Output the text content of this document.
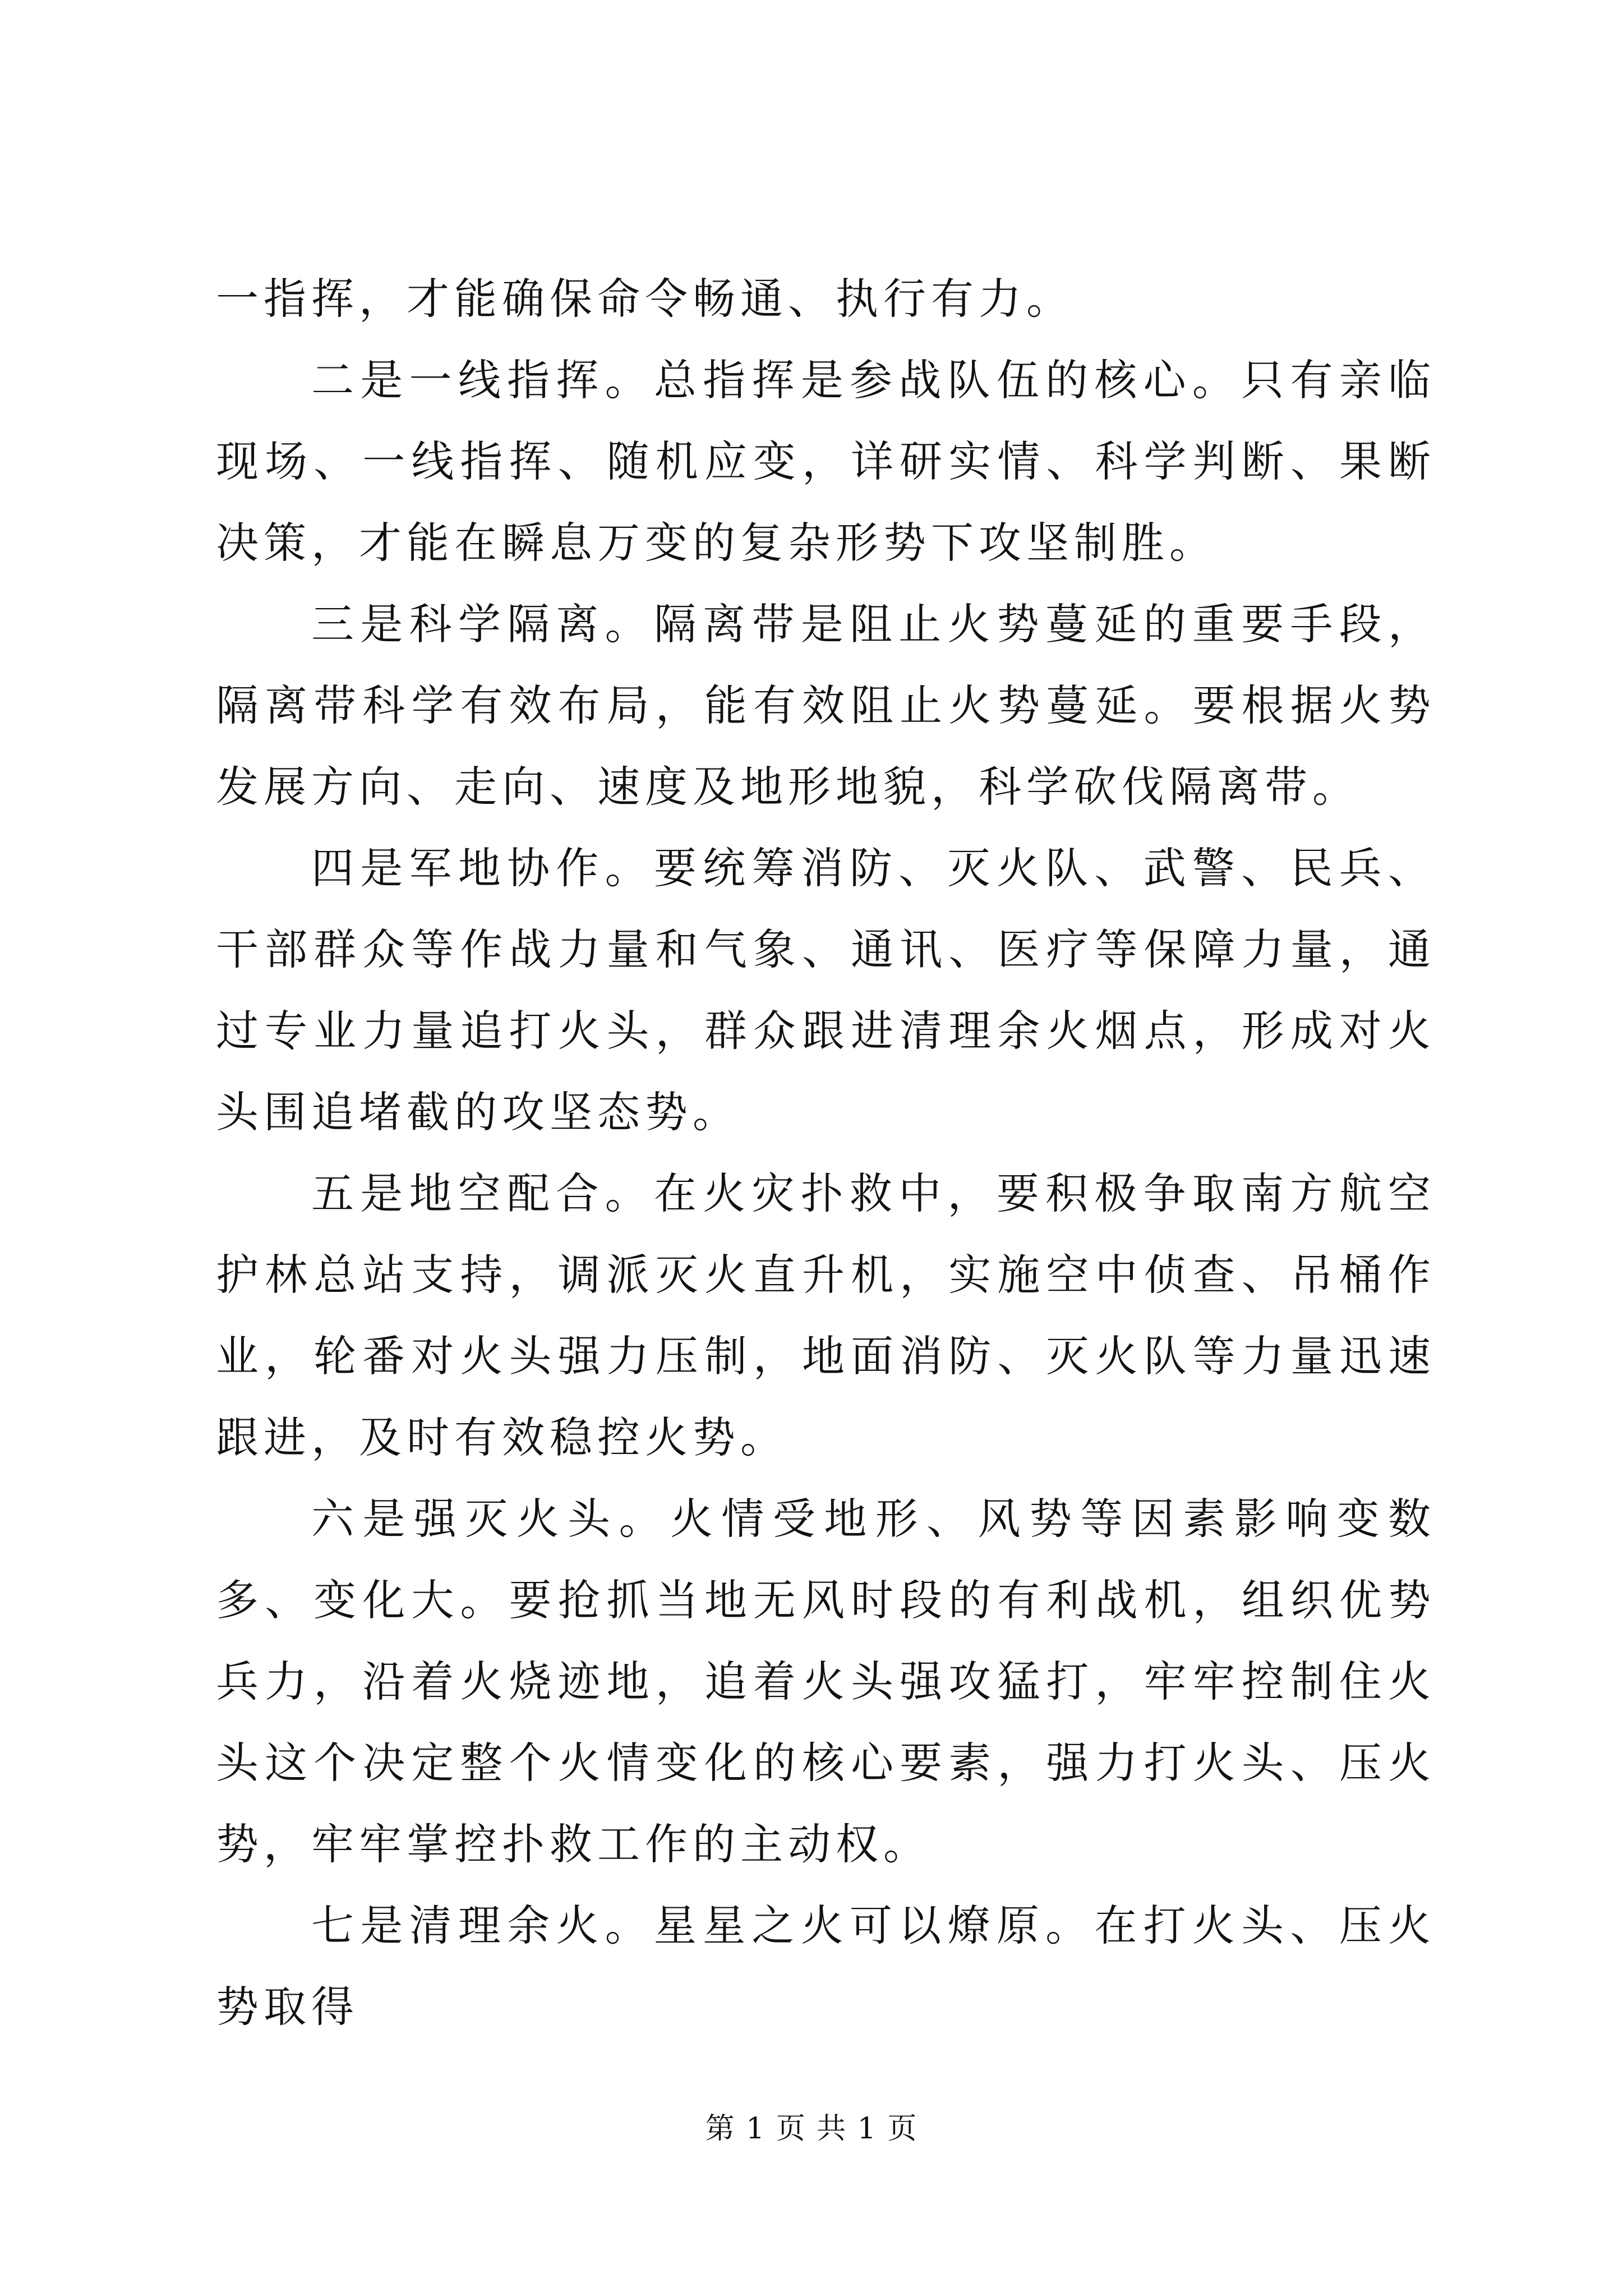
一指挥，才能确保命令畅通、执行有力。

二是一线指挥。总指挥是参战队伍的核心。只有亲临现场、一线指挥、随机应变，详研实情、科学判断、果断决策，才能在瞬息万变的复杂形势下攻坚制胜。

三是科学隔离。隔离带是阻止火势蔓延的重要手段，隔离带科学有效布局，能有效阻止火势蔓延。要根据火势发展方向、走向、速度及地形地貌，科学砍伐隔离带。

四是军地协作。要统筹消防、灭火队、武警、民兵、干部群众等作战力量和气象、通讯、医疗等保障力量，通过专业力量追打火头，群众跟进清理余火烟点，形成对火头围追堵截的攻坚态势。

五是地空配合。在火灾扑救中，要积极争取南方航空护林总站支持，调派灭火直升机，实施空中侦查、吊桶作业，轮番对火头强力压制，地面消防、灭火队等力量迅速跟进，及时有效稳控火势。

六是强灭火头。火情受地形、风势等因素影响变数多、变化大。要抢抓当地无风时段的有利战机，组织优势兵力，沿着火烧迹地，追着火头强攻猛打，牢牢控制住火头这个决定整个火情变化的核心要素，强力打火头、压火势，牢牢掌控扑救工作的主动权。

七是清理余火。星星之火可以燎原。在打火头、压火势取得

第 1 页 共 1 页
